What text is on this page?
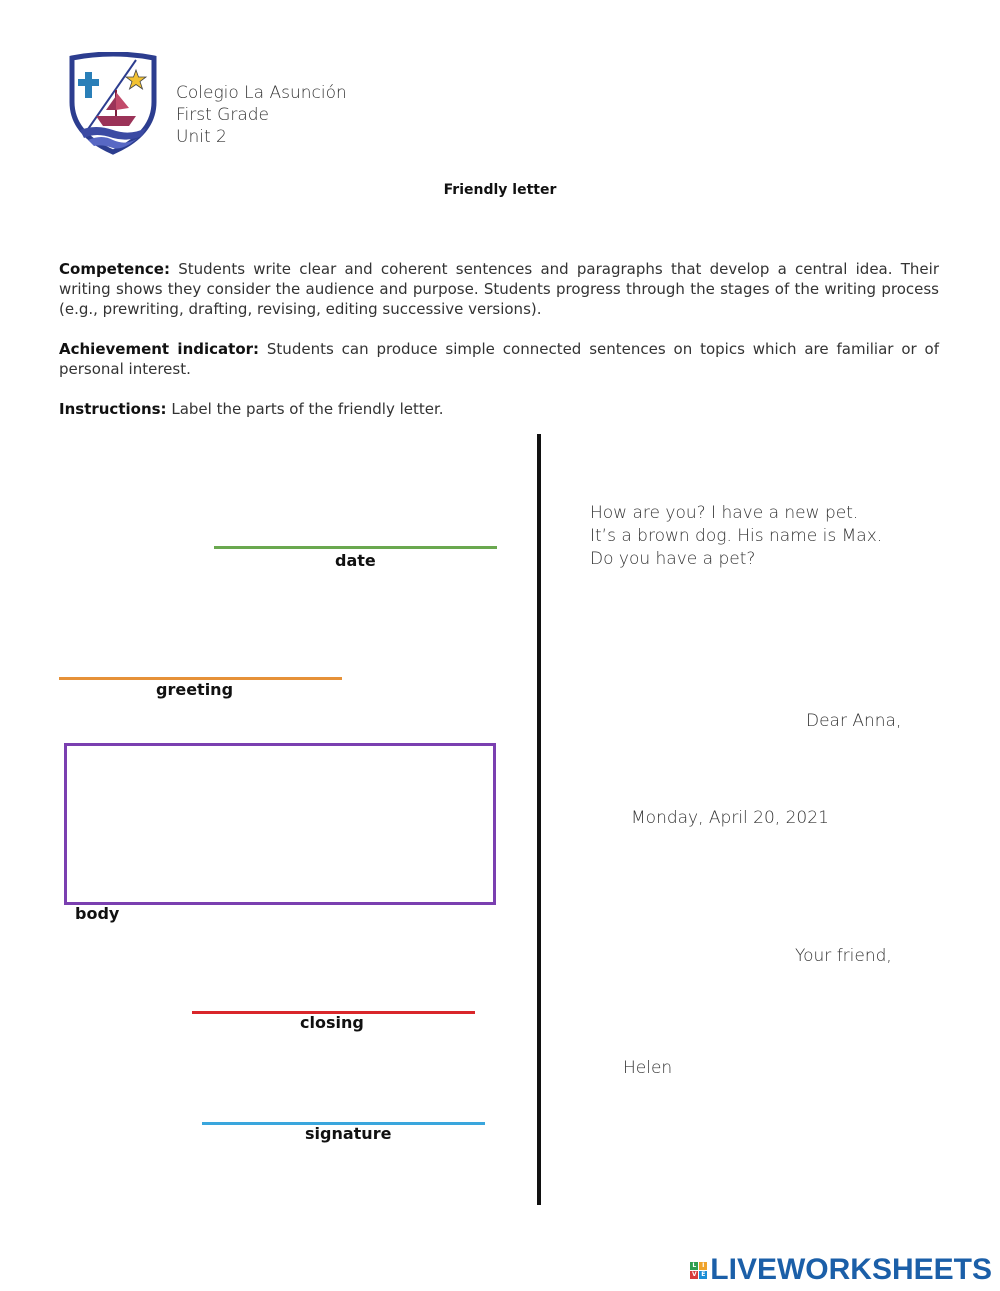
Colegio La Asunción
First Grade
Unit 2
Friendly letter
Competence: Students write clear and coherent sentences and paragraphs that develop a central idea. Their writing shows they consider the audience and purpose. Students progress through the stages of the writing process (e.g., prewriting, drafting, revising, editing successive versions).
Achievement indicator: Students can produce simple connected sentences on topics which are familiar or of personal interest.
Instructions: Label the parts of the friendly letter.
date
greeting
body
closing
signature
How are you? I have a new pet.
It’s a brown dog. His name is Max.
Do you have a pet?
Dear Anna,
Monday, April 20, 2021
Your friend,
Helen
L I
V E LIVEWORKSHEETS
